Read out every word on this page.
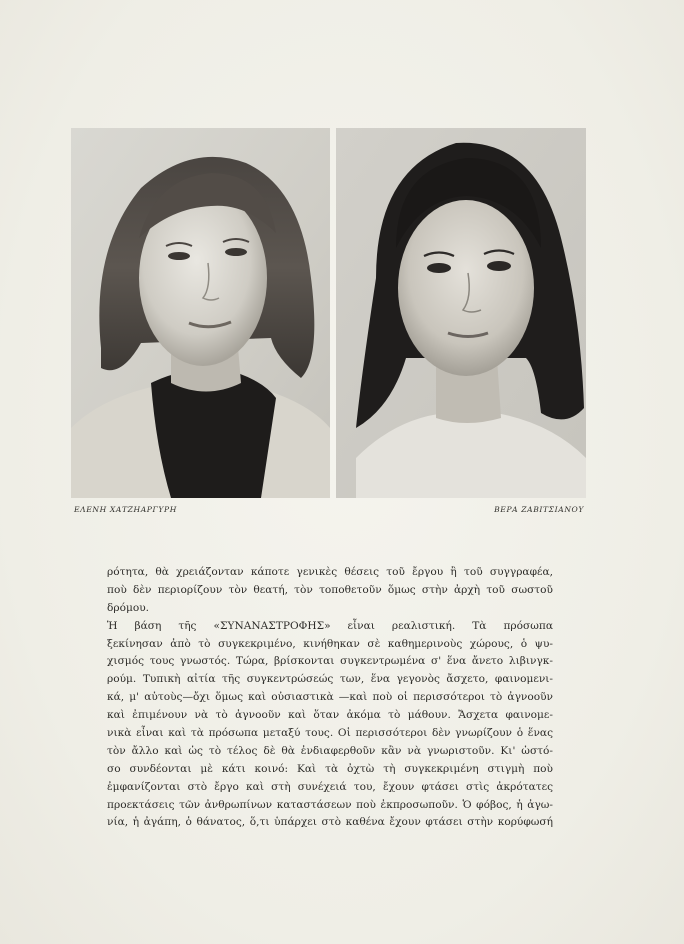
ΕΛΕΝΗ ΧΑΤΖΗΑΡΓΥΡΗ	ΒΕΡΑ ΖΑΒΙΤΣΙΑΝΟΥ
ρότητα, θὰ χρειάζονταν κάποτε γενικὲς θέσεις τοῦ ἔργου ἢ τοῦ συγγραφέα,
ποὺ δὲν περιορίζουν τὸν θεατή, τὸν τοποθετοῦν ὅμως στὴν ἀρχὴ τοῦ σωστοῦ
δρόμου.
Ἡ βάση τῆς «ΣΥΝΑΝΑΣΤΡΟΦΗΣ» εἶναι ρεαλιστική. Τὰ πρόσωπα
ξεκίνησαν ἀπὸ τὸ συγκεκριμένο, κινήθηκαν σὲ καθημερινοὺς χώρους, ὁ ψυ-
χισμός τους γνωστός. Τώρα, βρίσκονται συγκεντρωμένα σ' ἕνα ἄνετο λιβινγκ-
ρούμ. Τυπικὴ αἰτία τῆς συγκεντρώσεώς των, ἕνα γεγονὸς ἄσχετο, φαινομενι-
κά, μ' αὐτοὺς—ὄχι ὅμως καὶ οὐσιαστικὰ —καὶ ποὺ οἱ περισσότεροι τὸ ἀγνοοῦν
καὶ ἐπιμένουν νὰ τὸ ἀγνοοῦν καὶ ὅταν ἀκόμα τὸ μάθουν. Ἄσχετα φαινομε-
νικὰ εἶναι καὶ τὰ πρόσωπα μεταξύ τους. Οἱ περισσότεροι δὲν γνωρίζουν ὁ ἕνας
τὸν ἄλλο καὶ ὡς τὸ τέλος δὲ θὰ ἐνδιαφερθοῦν κἂν νὰ γνωριστοῦν. Κι' ὡστό-
σο συνδέονται μὲ κάτι κοινό: Καὶ τὰ ὀχτὼ τὴ συγκεκριμένη στιγμὴ ποὺ
ἐμφανίζονται στὸ ἔργο καὶ στὴ συνέχειά του, ἔχουν φτάσει στὶς ἀκρότατες
προεκτάσεις τῶν ἀνθρωπίνων καταστάσεων ποὺ ἐκπροσωποῦν. Ὁ φόβος, ἡ ἀγω-
νία, ἡ ἀγάπη, ὁ θάνατος, ὅ,τι ὑπάρχει στὸ καθένα ἔχουν φτάσει στὴν κορύφωσή
